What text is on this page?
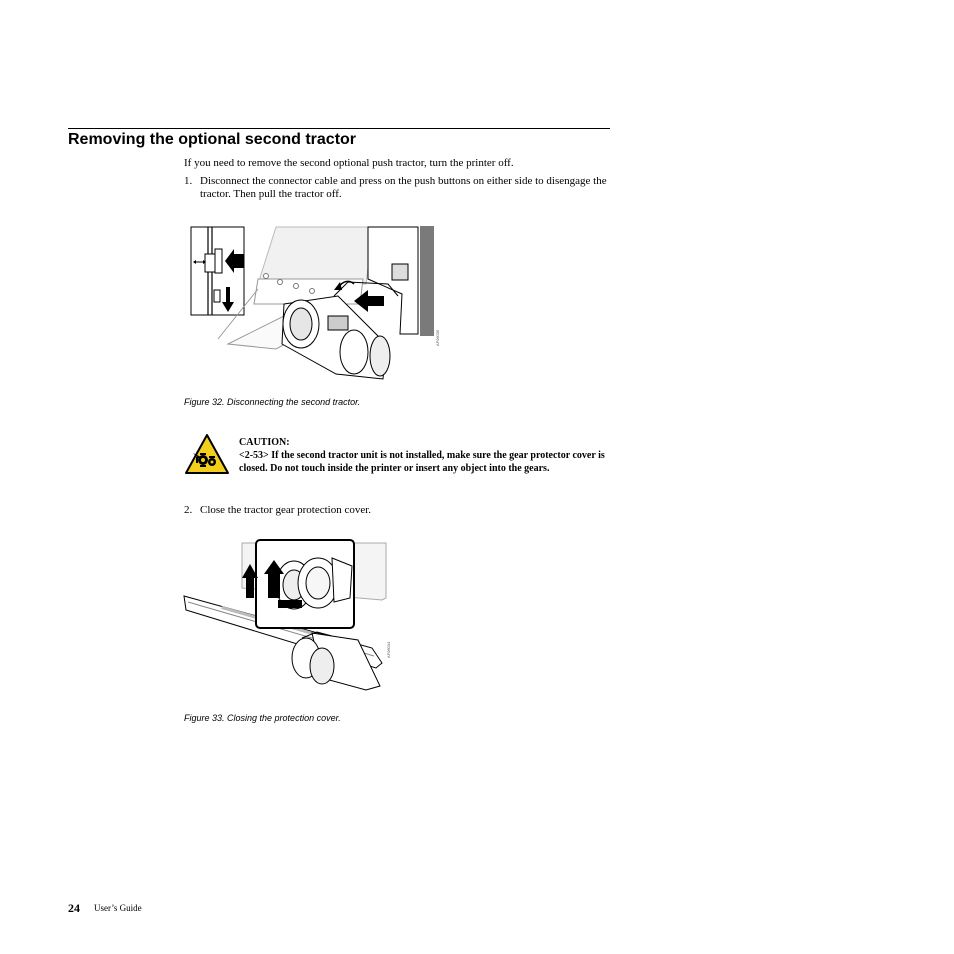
Removing the optional second tractor
If you need to remove the second optional push tractor, turn the printer off.
1. Disconnect the connector cable and press on the push buttons on either side to disengage the tractor. Then pull the tractor off.
AF06035
Figure 32. Disconnecting the second tractor.
CAUTION:
<2-53> If the second tractor unit is not installed, make sure the gear protector cover is closed. Do not touch inside the printer or insert any object into the gears.
2. Close the tractor gear protection cover.
AF06034
Figure 33. Closing the protection cover.
24 User’s Guide
